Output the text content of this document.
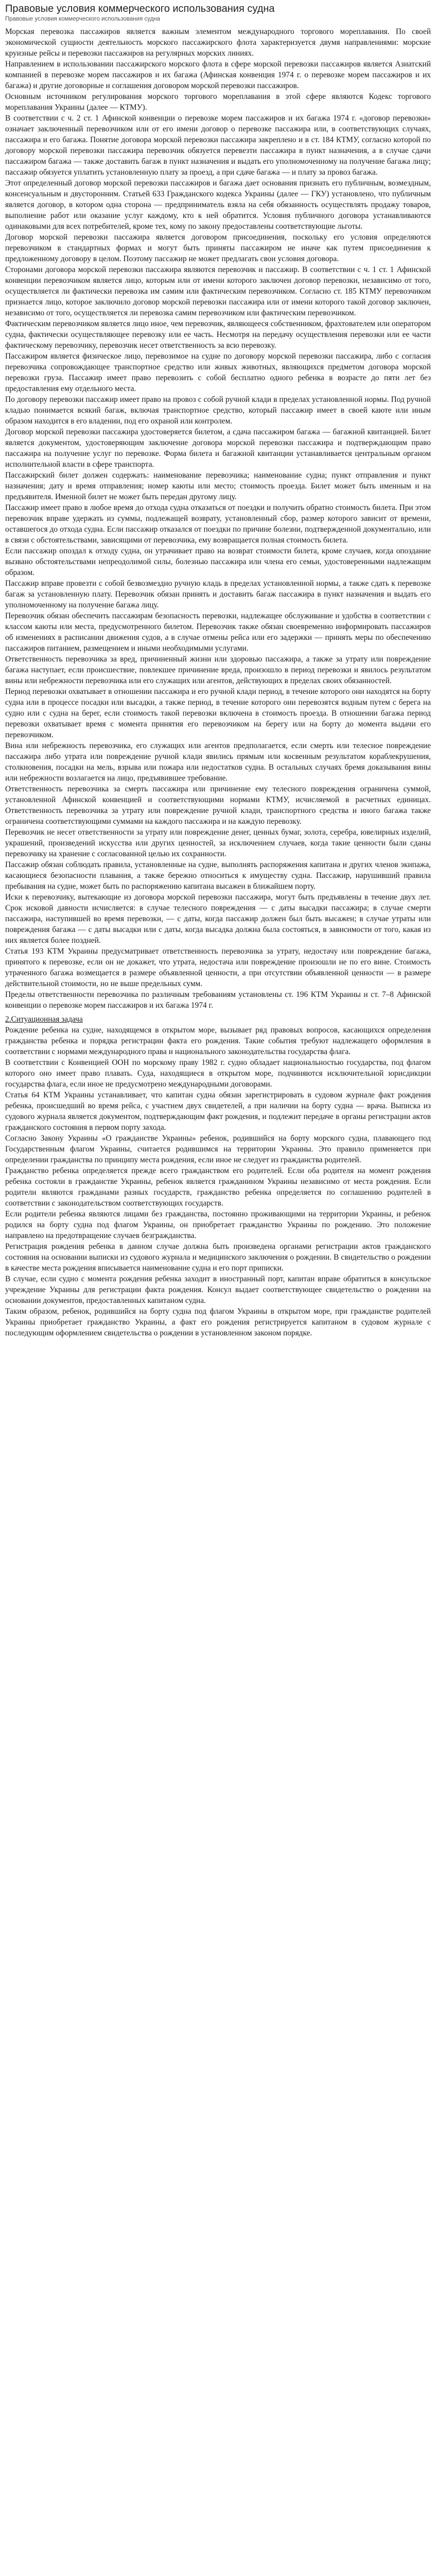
Правовые условия коммерческого использования судна
Правовые условия коммерческого использования судна

Морская перевозка пассажиров является важным элементом международного торгового мореплавания. По своей экономической сущности деятельность морского пассажирского флота характеризуется двумя направлениями: морские круизные рейсы и перевозки пассажиров на регулярных морских линиях.

Направлением в использовании пассажирского морского флота в сфере морской перевозки пассажиров является Азиатский компанией в перевозке морем пассажиров и их багажа (Афинская конвенция 1974 г. о перевозке морем пассажиров и их багажа) и другие договорные и соглашения договором морской перевозки пассажиров.

Основным источником регулирования морского торгового мореплавания в этой сфере являются Кодекс торгового мореплавания Украины (далее — КТМУ).

В соответствии с ч. 2 ст. 1 Афинской конвенции о перевозке морем пассажиров и их багажа 1974 г. «договор перевозки» означает заключенный перевозчиком или от его имени договор о перевозке пассажира или, в соответствующих случаях, пассажира и его багажа. Понятие договора морской перевозки пассажира закреплено и в ст. 184 КТМУ, согласно которой по договору морской перевозки пассажира перевозчик обязуется перевезти пассажира в пункт назначения, а в случае сдачи пассажиром багажа — также доставить багаж в пункт назначения и выдать его уполномоченному на получение багажа лицу; пассажир обязуется уплатить установленную плату за проезд, а при сдаче багажа — и плату за провоз багажа.

Этот определенный договор морской перевозки пассажиров и багажа дает основания признать его публичным, возмездным, консенсуальным и двусторонним. Статьей 633 Гражданского кодекса Украины (далее — ГКУ) установлено, что публичным является договор, в котором одна сторона — предприниматель взяла на себя обязанность осуществлять продажу товаров, выполнение работ или оказание услуг каждому, кто к ней обратится. Условия публичного договора устанавливаются одинаковыми для всех потребителей, кроме тех, кому по закону предоставлены соответствующие льготы.

Договор морской перевозки пассажира является договором присоединения, поскольку его условия определяются перевозчиком в стандартных формах и могут быть приняты пассажиром не иначе как путем присоединения к предложенному договору в целом. Поэтому пассажир не может предлагать свои условия договора.

Сторонами договора морской перевозки пассажира являются перевозчик и пассажир. В соответствии с ч. 1 ст. 1 Афинской конвенции перевозчиком является лицо, которым или от имени которого заключен договор перевозки, независимо от того, осуществляется ли фактически перевозка им самим или фактическим перевозчиком. Согласно ст. 185 КТМУ перевозчиком признается лицо, которое заключило договор морской перевозки пассажира или от имени которого такой договор заключен, независимо от того, осуществляется ли перевозка самим перевозчиком или фактическим перевозчиком.

Фактическим перевозчиком является лицо иное, чем перевозчик, являющееся собственником, фрахтователем или оператором судна, фактически осуществляющее перевозку или ее часть. Несмотря на передачу осуществления перевозки или ее части фактическому перевозчику, перевозчик несет ответственность за всю перевозку.

Пассажиром является физическое лицо, перевозимое на судне по договору морской перевозки пассажира, либо с согласия перевозчика сопровождающее транспортное средство или живых животных, являющихся предметом договора морской перевозки груза. Пассажир имеет право перевозить с собой бесплатно одного ребенка в возрасте до пяти лет без предоставления ему отдельного места.

По договору перевозки пассажир имеет право на провоз с собой ручной клади в пределах установленной нормы. Под ручной кладью понимается всякий багаж, включая транспортное средство, который пассажир имеет в своей каюте или иным образом находится в его владении, под его охраной или контролем.

Договор морской перевозки пассажира удостоверяется билетом, а сдача пассажиром багажа — багажной квитанцией. Билет является документом, удостоверяющим заключение договора морской перевозки пассажира и подтверждающим право пассажира на получение услуг по перевозке. Форма билета и багажной квитанции устанавливается центральным органом исполнительной власти в сфере транспорта.

Пассажирский билет должен содержать: наименование перевозчика; наименование судна; пункт отправления и пункт назначения; дату и время отправления; номер каюты или место; стоимость проезда. Билет может быть именным и на предъявителя. Именной билет не может быть передан другому лицу.

Пассажир имеет право в любое время до отхода судна отказаться от поездки и получить обратно стоимость билета. При этом перевозчик вправе удержать из суммы, подлежащей возврату, установленный сбор, размер которого зависит от времени, оставшегося до отхода судна. Если пассажир отказался от поездки по причине болезни, подтвержденной документально, или в связи с обстоятельствами, зависящими от перевозчика, ему возвращается полная стоимость билета.

Если пассажир опоздал к отходу судна, он утрачивает право на возврат стоимости билета, кроме случаев, когда опоздание вызвано обстоятельствами непреодолимой силы, болезнью пассажира или члена его семьи, удостоверенными надлежащим образом.

Пассажир вправе провезти с собой безвозмездно ручную кладь в пределах установленной нормы, а также сдать к перевозке багаж за установленную плату. Перевозчик обязан принять и доставить багаж пассажира в пункт назначения и выдать его уполномоченному на получение багажа лицу.

Перевозчик обязан обеспечить пассажирам безопасность перевозки, надлежащее обслуживание и удобства в соответствии с классом каюты или места, предусмотренного билетом. Перевозчик также обязан своевременно информировать пассажиров об изменениях в расписании движения судов, а в случае отмены рейса или его задержки — принять меры по обеспечению пассажиров питанием, размещением и иными необходимыми услугами.

Ответственность перевозчика за вред, причиненный жизни или здоровью пассажира, а также за утрату или повреждение багажа наступает, если происшествие, повлекшее причинение вреда, произошло в период перевозки и явилось результатом вины или небрежности перевозчика или его служащих или агентов, действующих в пределах своих обязанностей.

Период перевозки охватывает в отношении пассажира и его ручной клади период, в течение которого они находятся на борту судна или в процессе посадки или высадки, а также период, в течение которого они перевозятся водным путем с берега на судно или с судна на берег, если стоимость такой перевозки включена в стоимость проезда. В отношении багажа период перевозки охватывает время с момента принятия его перевозчиком на берегу или на борту до момента выдачи его перевозчиком.

Вина или небрежность перевозчика, его служащих или агентов предполагается, если смерть или телесное повреждение пассажира либо утрата или повреждение ручной клади явились прямым или косвенным результатом кораблекрушения, столкновения, посадки на мель, взрыва или пожара или недостатков судна. В остальных случаях бремя доказывания вины или небрежности возлагается на лицо, предъявившее требование.

Ответственность перевозчика за смерть пассажира или причинение ему телесного повреждения ограничена суммой, установленной Афинской конвенцией и соответствующими нормами КТМУ, исчисляемой в расчетных единицах. Ответственность перевозчика за утрату или повреждение ручной клади, транспортного средства и иного багажа также ограничена соответствующими суммами на каждого пассажира и на каждую перевозку.

Перевозчик не несет ответственности за утрату или повреждение денег, ценных бумаг, золота, серебра, ювелирных изделий, украшений, произведений искусства или других ценностей, за исключением случаев, когда такие ценности были сданы перевозчику на хранение с согласованной целью их сохранности.

Пассажир обязан соблюдать правила, установленные на судне, выполнять распоряжения капитана и других членов экипажа, касающиеся безопасности плавания, а также бережно относиться к имуществу судна. Пассажир, нарушивший правила пребывания на судне, может быть по распоряжению капитана высажен в ближайшем порту.

Иски к перевозчику, вытекающие из договора морской перевозки пассажира, могут быть предъявлены в течение двух лет. Срок исковой давности исчисляется: в случае телесного повреждения — с даты высадки пассажира; в случае смерти пассажира, наступившей во время перевозки, — с даты, когда пассажир должен был быть высажен; в случае утраты или повреждения багажа — с даты высадки или с даты, когда высадка должна была состояться, в зависимости от того, какая из них является более поздней.

Статья 193 КТМ Украины предусматривает ответственность перевозчика за утрату, недостачу или повреждение багажа, принятого к перевозке, если он не докажет, что утрата, недостача или повреждение произошли не по его вине. Стоимость утраченного багажа возмещается в размере объявленной ценности, а при отсутствии объявленной ценности — в размере действительной стоимости, но не выше предельных сумм.

Пределы ответственности перевозчика по различным требованиям установлены ст. 196 КТМ Украины и ст. 7–8 Афинской конвенции о перевозке морем пассажиров и их багажа 1974 г.

2.Ситуационная задача

Рождение ребенка на судне, находящемся в открытом море, вызывает ряд правовых вопросов, касающихся определения гражданства ребенка и порядка регистрации факта его рождения. Такие события требуют надлежащего оформления в соответствии с нормами международного права и национального законодательства государства флага.

В соответствии с Конвенцией ООН по морскому праву 1982 г. судно обладает национальностью государства, под флагом которого оно имеет право плавать. Суда, находящиеся в открытом море, подчиняются исключительной юрисдикции государства флага, если иное не предусмотрено международными договорами.

Статья 64 КТМ Украины устанавливает, что капитан судна обязан зарегистрировать в судовом журнале факт рождения ребенка, происшедший во время рейса, с участием двух свидетелей, а при наличии на борту судна — врача. Выписка из судового журнала является документом, подтверждающим факт рождения, и подлежит передаче в органы регистрации актов гражданского состояния в первом порту захода.

Согласно Закону Украины «О гражданстве Украины» ребенок, родившийся на борту морского судна, плавающего под Государственным флагом Украины, считается родившимся на территории Украины. Это правило применяется при определении гражданства по принципу места рождения, если иное не следует из гражданства родителей.

Гражданство ребенка определяется прежде всего гражданством его родителей. Если оба родителя на момент рождения ребенка состояли в гражданстве Украины, ребенок является гражданином Украины независимо от места рождения. Если родители являются гражданами разных государств, гражданство ребенка определяется по соглашению родителей в соответствии с законодательством соответствующих государств.

Если родители ребенка являются лицами без гражданства, постоянно проживающими на территории Украины, и ребенок родился на борту судна под флагом Украины, он приобретает гражданство Украины по рождению. Это положение направлено на предотвращение случаев безгражданства.

Регистрация рождения ребенка в данном случае должна быть произведена органами регистрации актов гражданского состояния на основании выписки из судового журнала и медицинского заключения о рождении. В свидетельство о рождении в качестве места рождения вписывается наименование судна и его порт приписки.

В случае, если судно с момента рождения ребенка заходит в иностранный порт, капитан вправе обратиться в консульское учреждение Украины для регистрации факта рождения. Консул выдает соответствующее свидетельство о рождении на основании документов, предоставленных капитаном судна.

Таким образом, ребенок, родившийся на борту судна под флагом Украины в открытом море, при гражданстве родителей Украины приобретает гражданство Украины, а факт его рождения регистрируется капитаном в судовом журнале с последующим оформлением свидетельства о рождении в установленном законом порядке.
